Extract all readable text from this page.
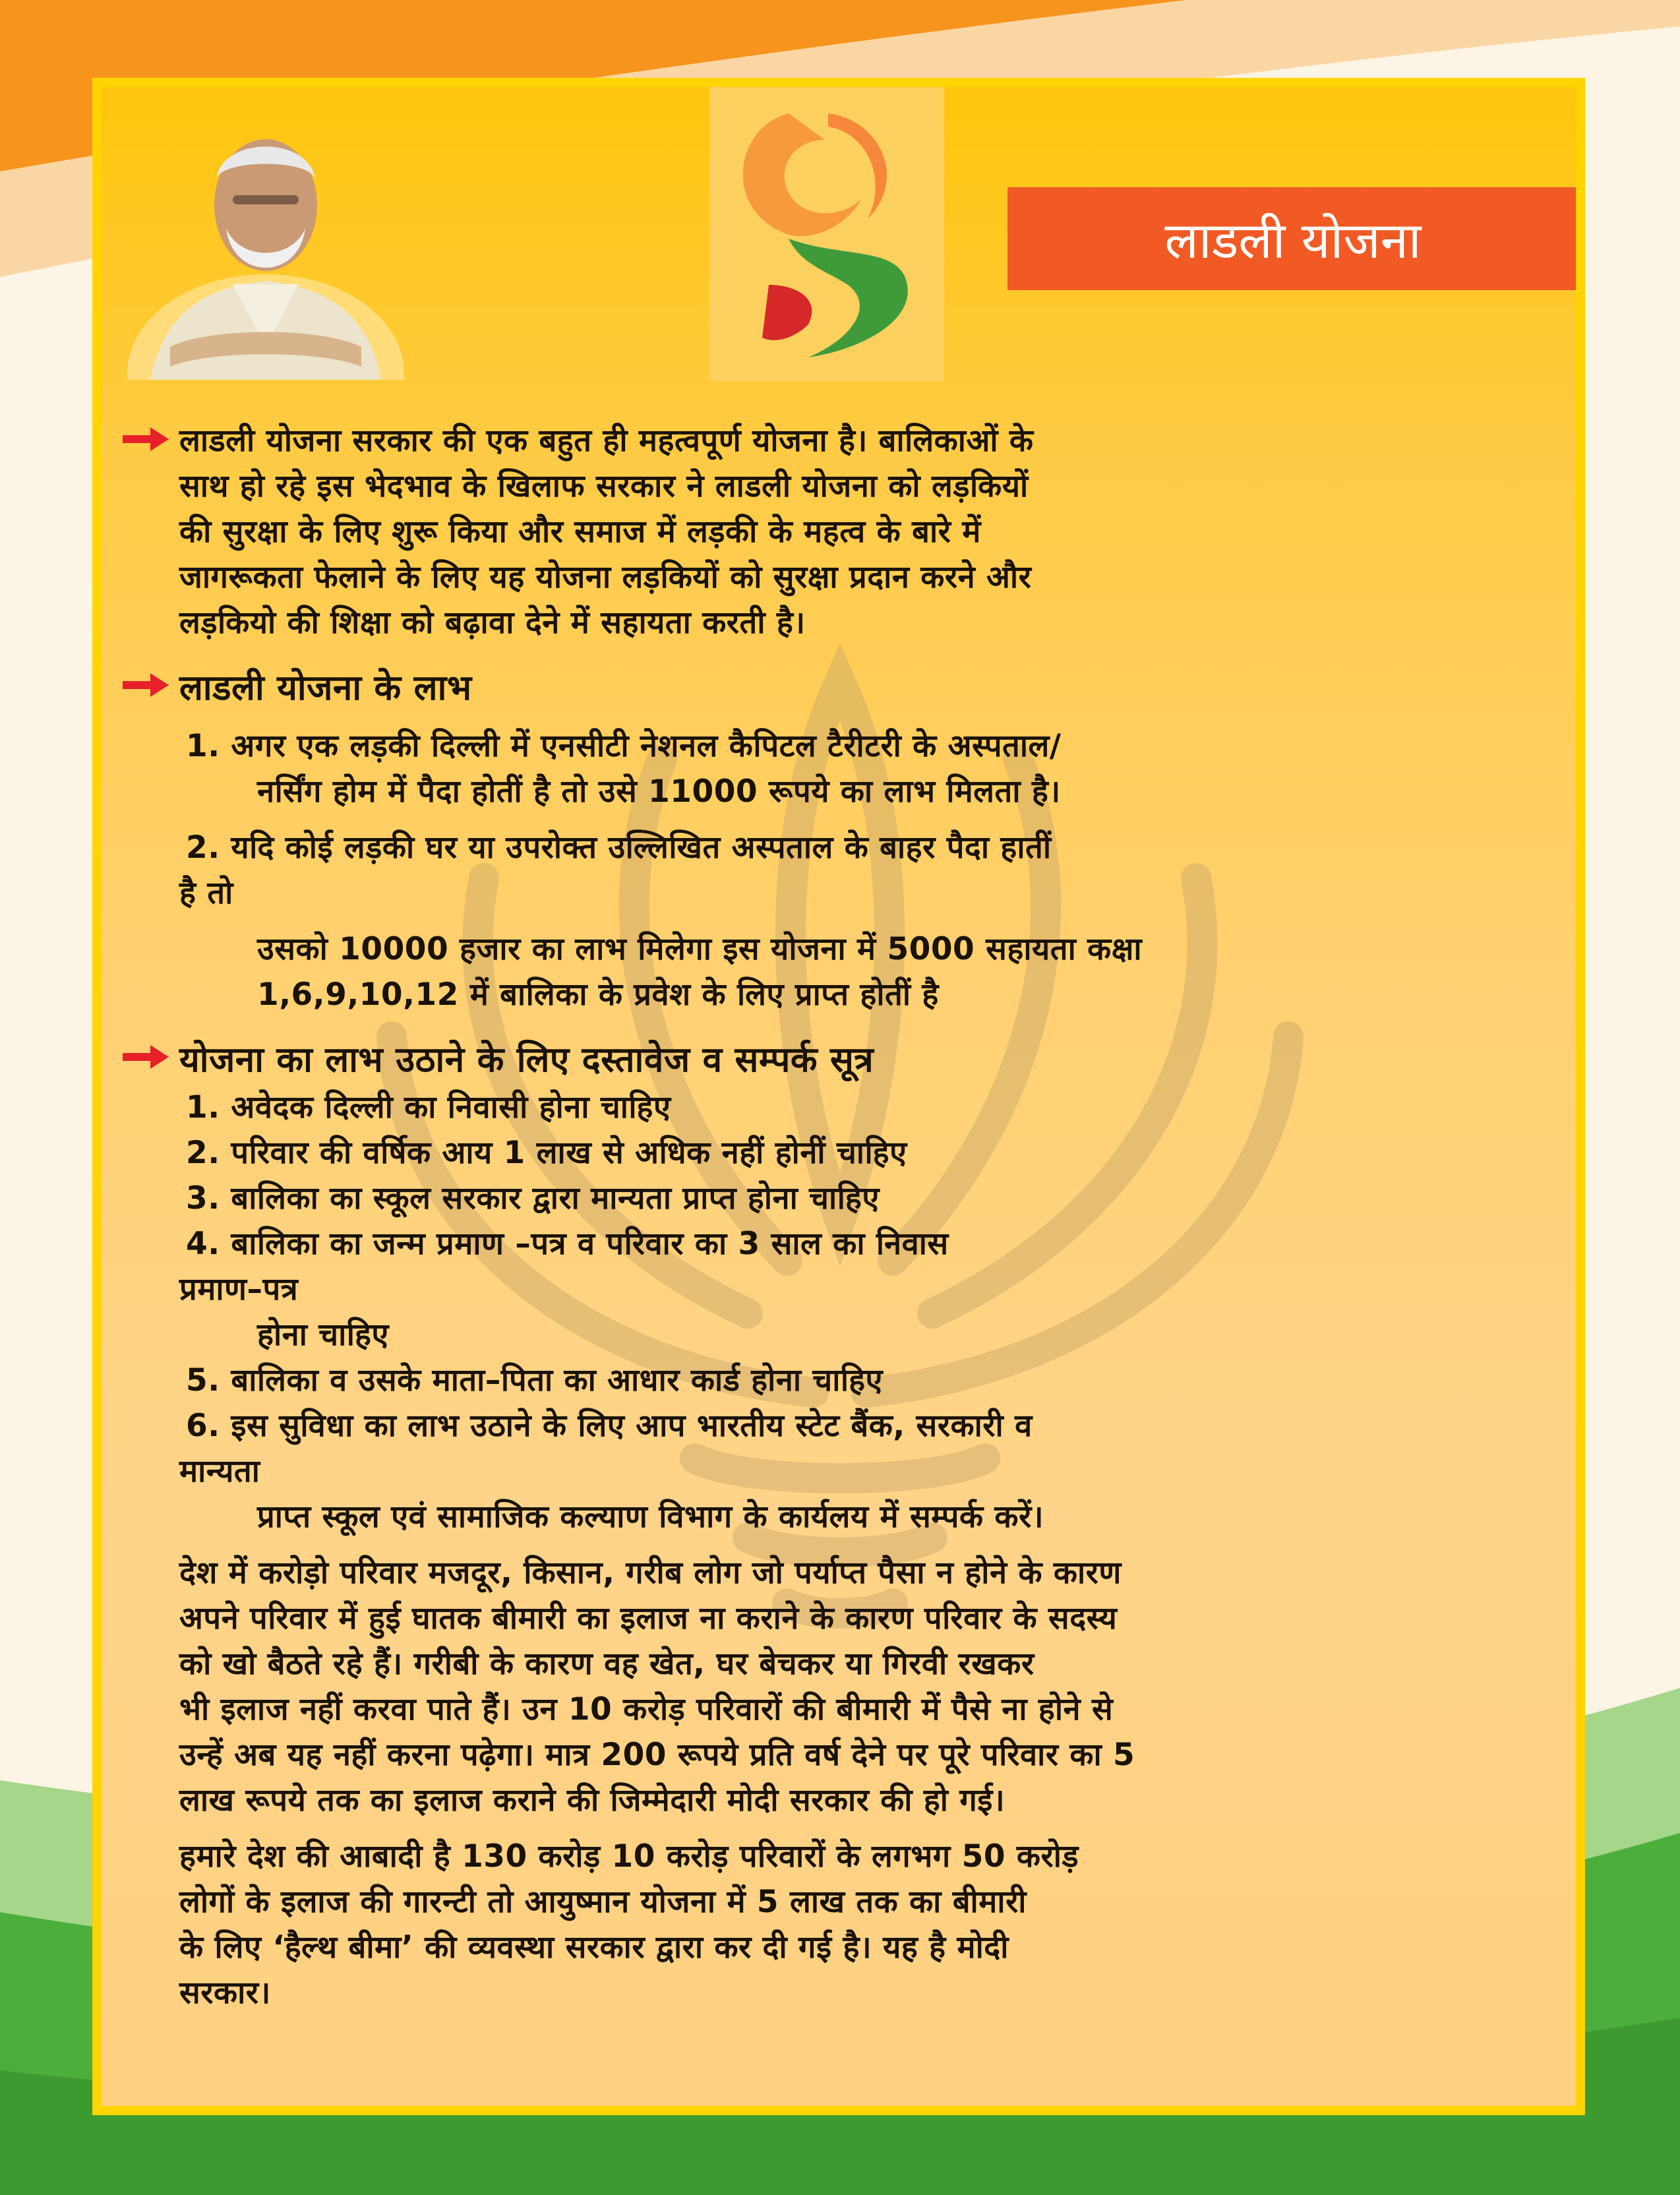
लाडली योजना

लाडली योजना सरकार की एक बहुत ही महत्वपूर्ण योजना है। बालिकाओं के

साथ हो रहे इस भेदभाव के खिलाफ सरकार ने लाडली योजना को लड़कियों

की सुरक्षा के लिए शुरू किया और समाज में लड़की के महत्व के बारे में

जागरूकता फेलाने के लिए यह योजना लड़कियों को सुरक्षा प्रदान करने और

लड़कियो की शिक्षा को बढ़ावा देने में सहायता करती है।

लाडली योजना के लाभ

1. अगर एक लड़की दिल्ली में एनसीटी नेशनल कैपिटल टैरीटरी के अस्पताल/

नर्सिंग होम में पैदा होतीं है तो उसे 11000 रूपये का लाभ मिलता है।

2. यदि कोई लड़की घर या उपरोक्त उल्लिखित अस्पताल के बाहर पैदा हातीं

है तो

उसको 10000 हजार का लाभ मिलेगा इस योजना में 5000 सहायता कक्षा

1,6,9,10,12 में बालिका के प्रवेश के लिए प्राप्त होतीं है

योजना का लाभ उठाने के लिए दस्तावेज व सम्पर्क सूत्र

1. अवेदक दिल्ली का निवासी होना चाहिए

2. परिवार की वर्षिक आय 1 लाख से अधिक नहीं होनीं चाहिए

3. बालिका का स्कूल सरकार द्वारा मान्यता प्राप्त होना चाहिए

4. बालिका का जन्म प्रमाण –पत्र व परिवार का 3 साल का निवास

प्रमाण–पत्र

होना चाहिए

5. बालिका व उसके माता–पिता का आधार कार्ड होना चाहिए

6. इस सुविधा का लाभ उठाने के लिए आप भारतीय स्टेट बैंक, सरकारी व

मान्यता

प्राप्त स्कूल एवं सामाजिक कल्याण विभाग के कार्यलय में सम्पर्क करें।

देश में करोड़ो परिवार मजदूर, किसान, गरीब लोग जो पर्याप्त पैसा न होने के कारण

अपने परिवार में हुई घातक बीमारी का इलाज ना कराने के कारण परिवार के सदस्य

को खो बैठते रहे हैं। गरीबी के कारण वह खेत, घर बेचकर या गिरवी रखकर

भी इलाज नहीं करवा पाते हैं। उन 10 करोड़ परिवारों की बीमारी में पैसे ना होने से

उन्हें अब यह नहीं करना पढ़ेगा। मात्र 200 रूपये प्रति वर्ष देने पर पूरे परिवार का 5

लाख रूपये तक का इलाज कराने की जिम्मेदारी मोदी सरकार की हो गई।

हमारे देश की आबादी है 130 करोड़ 10 करोड़ परिवारों के लगभग 50 करोड़

लोगों के इलाज की गारन्टी तो आयुष्मान योजना में 5 लाख तक का बीमारी

के लिए ‘हैल्थ बीमा’ की व्यवस्था सरकार द्वारा कर दी गई है। यह है मोदी

सरकार।
